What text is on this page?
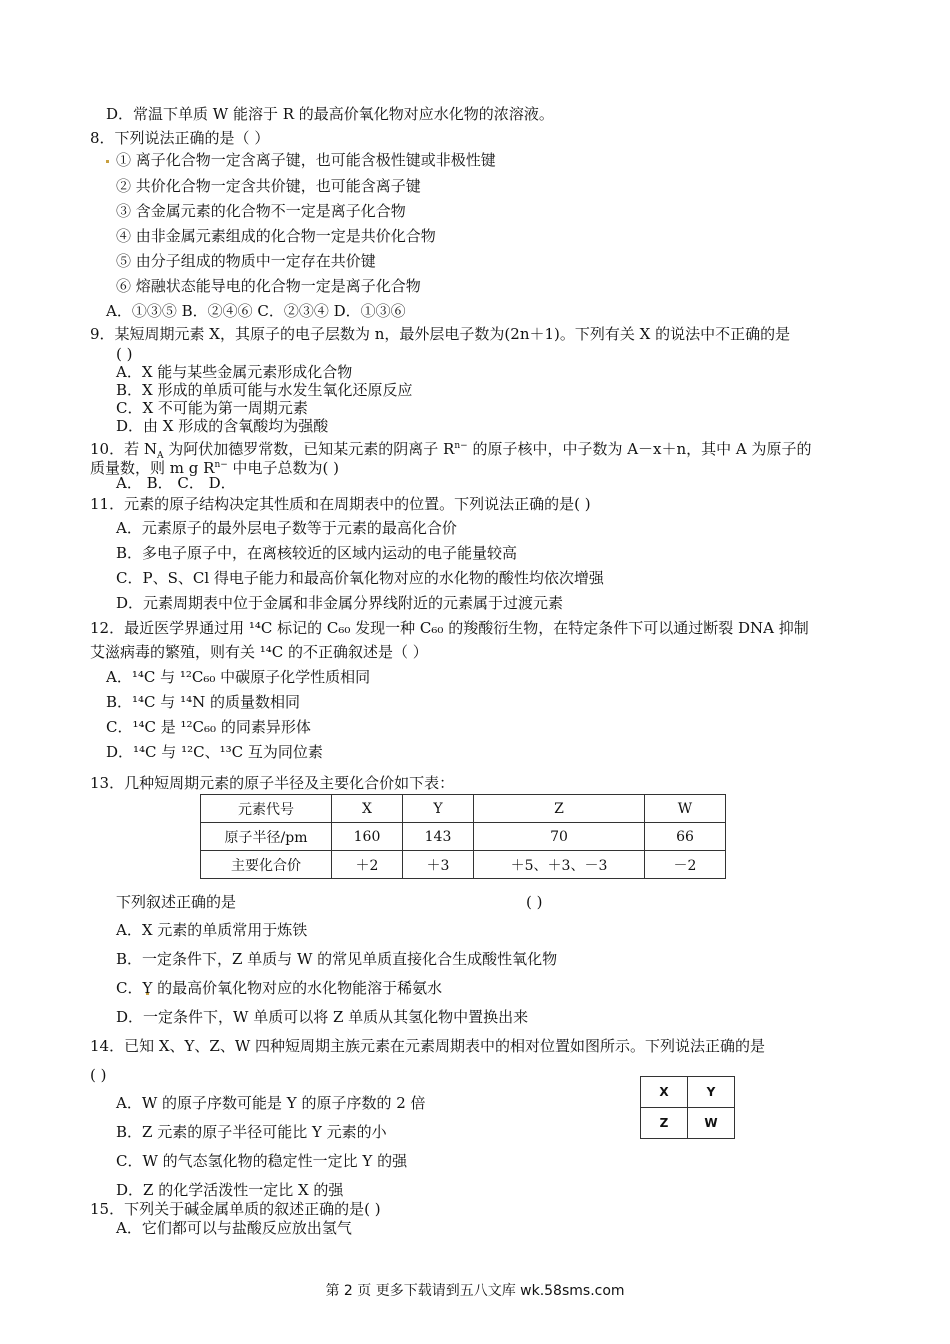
D．常温下单质 W 能溶于 R 的最高价氧化物对应水化物的浓溶液。
8．下列说法正确的是（ ）
① 离子化合物一定含离子键，也可能含极性键或非极性键
② 共价化合物一定含共价键，也可能含离子键
③ 含金属元素的化合物不一定是离子化合物
④ 由非金属元素组成的化合物一定是共价化合物
⑤ 由分子组成的物质中一定存在共价键
⑥ 熔融状态能导电的化合物一定是离子化合物
A．①③⑤ B．②④⑥ C．②③④ D．①③⑥
9．某短周期元素 X，其原子的电子层数为 n，最外层电子数为(2n＋1)。下列有关 X 的说法中不正确的是
( )
A．X 能与某些金属元素形成化合物
B．X 形成的单质可能与水发生氧化还原反应
C．X 不可能为第一周期元素
D．由 X 形成的含氧酸均为强酸
10．若 $N_A$ 为阿伏加德罗常数，已知某元素的阴离子 $R^{n-}$ 的原子核中，中子数为 A－x＋n，其中 A 为原子的
质量数，则 m g $R^{n-}$ 中电子总数为( )
A． B． C． D．
11．元素的原子结构决定其性质和在周期表中的位置。下列说法正确的是( )
A．元素原子的最外层电子数等于元素的最高化合价
B．多电子原子中，在离核较近的区域内运动的电子能量较高
C．P、S、Cl 得电子能力和最高价氧化物对应的水化物的酸性均依次增强
D．元素周期表中位于金属和非金属分界线附近的元素属于过渡元素
12．最近医学界通过用 ¹⁴C 标记的 C₆₀ 发现一种 C₆₀ 的羧酸衍生物，在特定条件下可以通过断裂 DNA 抑制
艾滋病毒的繁殖，则有关 ¹⁴C 的不正确叙述是（ ）
A．¹⁴C 与 ¹²C₆₀ 中碳原子化学性质相同
B．¹⁴C 与 ¹⁴N 的质量数相同
C．¹⁴C 是 ¹²C₆₀ 的同素异形体
D．¹⁴C 与 ¹²C、¹³C 互为同位素
13．几种短周期元素的原子半径及主要化合价如下表：
元素代号	X	Y	Z	W
原子半径/pm	160	143	70	66
主要化合价	＋2	＋3	＋5、＋3、－3	－2
下列叙述正确的是	( )
A．X 元素的单质常用于炼铁
B．一定条件下，Z 单质与 W 的常见单质直接化合生成酸性氧化物
C．Y 的最高价氧化物对应的水化物能溶于稀氨水
D．一定条件下，W 单质可以将 Z 单质从其氢化物中置换出来
14．已知 X、Y、Z、W 四种短周期主族元素在元素周期表中的相对位置如图所示。下列说法正确的是
( )
A．W 的原子序数可能是 Y 的原子序数的 2 倍
B．Z 元素的原子半径可能比 Y 元素的小
C．W 的气态氢化物的稳定性一定比 Y 的强
D．Z 的化学活泼性一定比 X 的强
X	Y
Z	W
15．下列关于碱金属单质的叙述正确的是( )
A．它们都可以与盐酸反应放出氢气
第 2 页 更多下载请到五八文库 wk.58sms.com
